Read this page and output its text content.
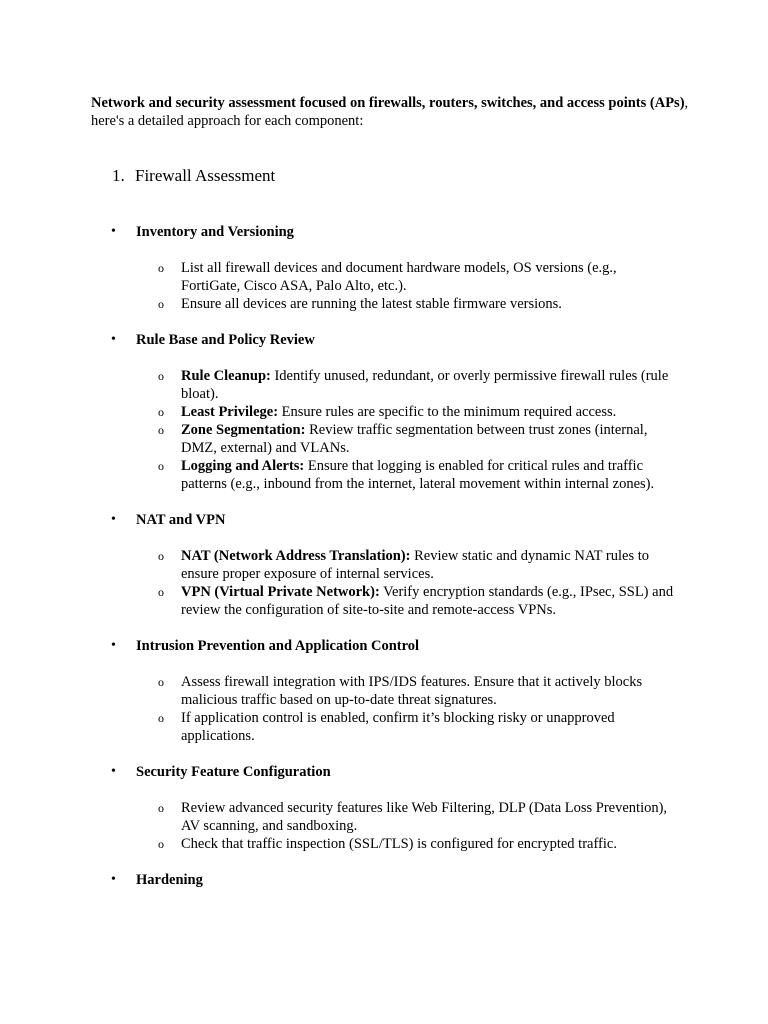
Network and security assessment focused on firewalls, routers, switches, and access points (APs), here's a detailed approach for each component:

1. Firewall Assessment
• Inventory and Versioning
o List all firewall devices and document hardware models, OS versions (e.g., FortiGate, Cisco ASA, Palo Alto, etc.).
o Ensure all devices are running the latest stable firmware versions.
• Rule Base and Policy Review
o Rule Cleanup: Identify unused, redundant, or overly permissive firewall rules (rule bloat).
o Least Privilege: Ensure rules are specific to the minimum required access.
o Zone Segmentation: Review traffic segmentation between trust zones (internal, DMZ, external) and VLANs.
o Logging and Alerts: Ensure that logging is enabled for critical rules and traffic patterns (e.g., inbound from the internet, lateral movement within internal zones).
• NAT and VPN
o NAT (Network Address Translation): Review static and dynamic NAT rules to ensure proper exposure of internal services.
o VPN (Virtual Private Network): Verify encryption standards (e.g., IPsec, SSL) and review the configuration of site-to-site and remote-access VPNs.
• Intrusion Prevention and Application Control
o Assess firewall integration with IPS/IDS features. Ensure that it actively blocks malicious traffic based on up-to-date threat signatures.
o If application control is enabled, confirm it’s blocking risky or unapproved applications.
• Security Feature Configuration
o Review advanced security features like Web Filtering, DLP (Data Loss Prevention), AV scanning, and sandboxing.
o Check that traffic inspection (SSL/TLS) is configured for encrypted traffic.
• Hardening
